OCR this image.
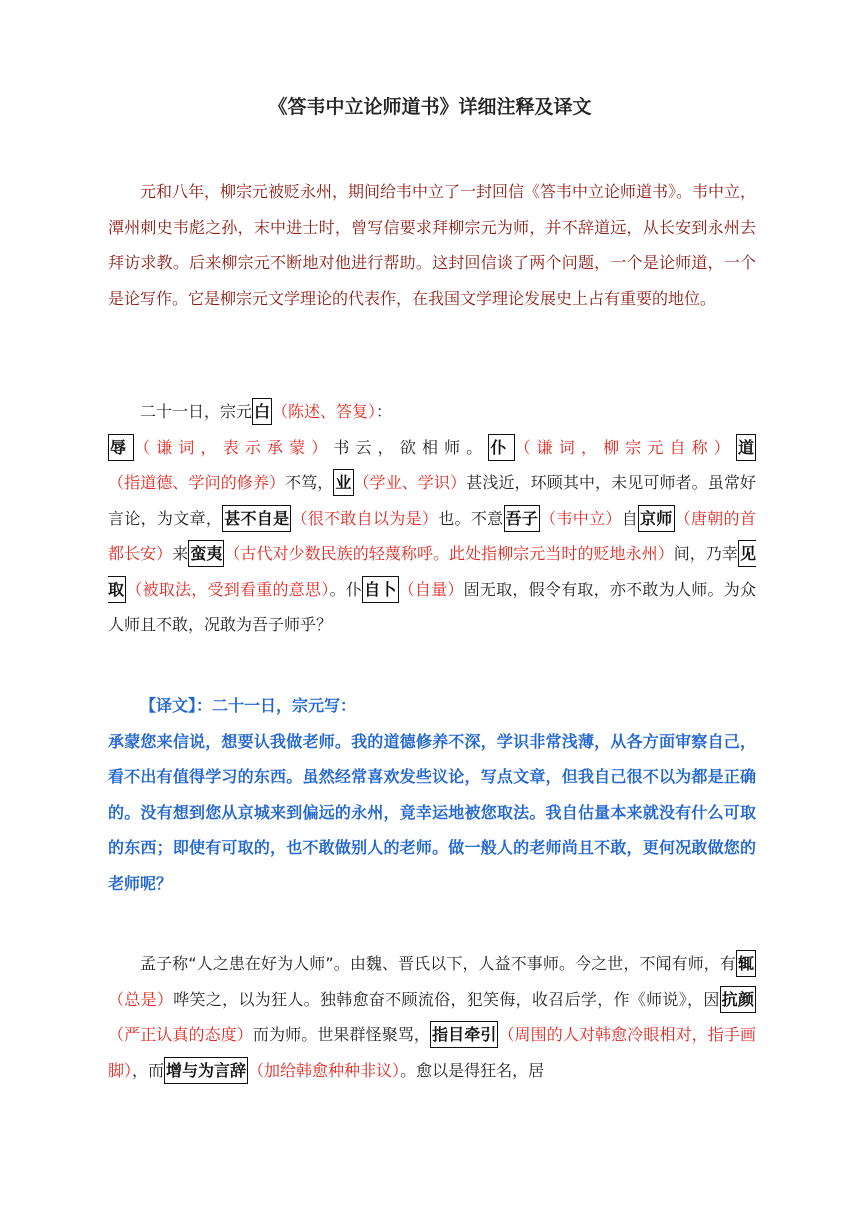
《答韦中立论师道书》详细注释及译文

元和八年，柳宗元被贬永州，期间给韦中立了一封回信《答韦中立论师道书》。韦中立，潭州刺史韦彪之孙，末中进士时，曾写信要求拜柳宗元为师，并不辞道远，从长安到永州去拜访求教。后来柳宗元不断地对他进行帮助。这封回信谈了两个问题，一个是论师道，一个是论写作。它是柳宗元文学理论的代表作，在我国文学理论发展史上占有重要的地位。

二十一日，宗元 白 （陈述、答复）：
辱 （谦词，表示承蒙）书云，欲相师。 仆 （谦词，柳宗元自称） 道（指道德、学问的修养）不笃， 业 （学业、学识）甚浅近，环顾其中，未见可师者。虽常好言论，为文章， 甚不自是 （很不敢自以为是）也。不意 吾子 （韦中立）自 京师 （唐朝的首都长安）来 蛮夷 （古代对少数民族的轻蔑称呼。此处指柳宗元当时的贬地永州）间，乃幸 见取 （被取法，受到看重的意思）。仆 自卜 （自量）固无取，假令有取，亦不敢为人师。为众人师且不敢，况敢为吾子师乎？

【译文】：二十一日，宗元写：
承蒙您来信说，想要认我做老师。我的道德修养不深，学识非常浅薄，从各方面审察自己，看不出有值得学习的东西。虽然经常喜欢发些议论，写点文章，但我自己很不以为都是正确的。没有想到您从京城来到偏远的永州，竟幸运地被您取法。我自估量本来就没有什么可取的东西；即使有可取的，也不敢做别人的老师。做一般人的老师尚且不敢，更何况敢做您的老师呢？

孟子称“人之患在好为人师”。由魏、晋氏以下，人益不事师。今之世，不闻有师，有 辄（总是）哗笑之，以为狂人。独韩愈奋不顾流俗，犯笑侮，收召后学，作《师说》，因 抗颜（严正认真的态度）而为师。世果群怪聚骂， 指目牵引 （周围的人对韩愈冷眼相对，指手画脚），而 增与为言辞 （加给韩愈种种非议）。愈以是得狂名，居
